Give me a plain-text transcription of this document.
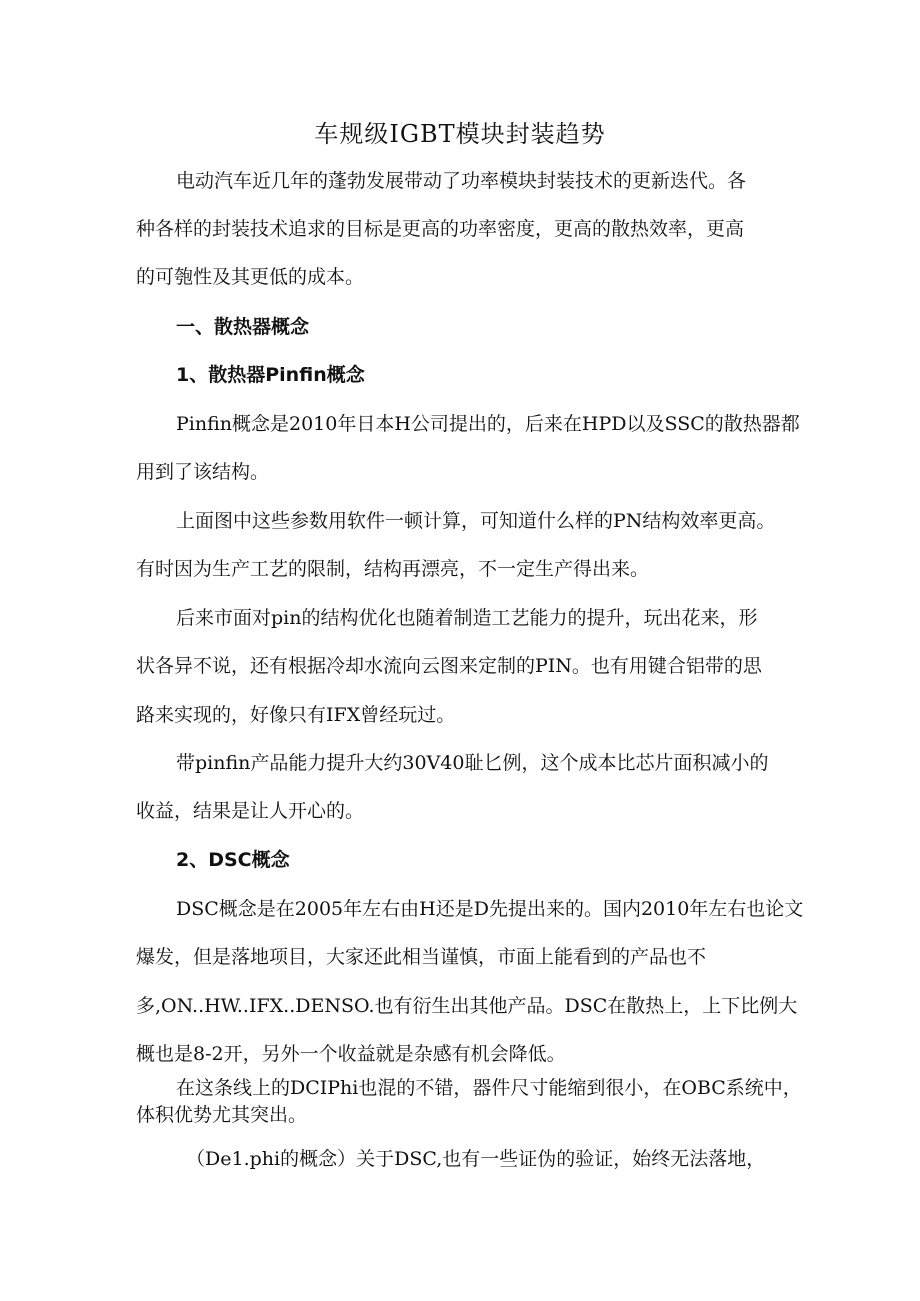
车规级IGBT模块封装趋势
电动汽车近几年的蓬勃发展带动了功率模块封装技术的更新迭代。各
种各样的封装技术追求的目标是更高的功率密度，更高的散热效率，更高
的可匏性及其更低的成本。
一、散热器概念
1、散热器Pinfin概念
Pinfin概念是2010年日本H公司提出的，后来在HPD以及SSC的散热器都
用到了该结构。
上面图中这些参数用软件一顿计算，可知道什么样的PN结构效率更高。
有时因为生产工艺的限制，结构再漂亮，不一定生产得出来。
后来市面对pin的结构优化也随着制造工艺能力的提升，玩出花来，形
状各异不说，还有根据冷却水流向云图来定制的PIN。也有用键合铝带的思
路来实现的，好像只有IFX曾经玩过。
带pinfin产品能力提升大约30V40耻匕例，这个成本比芯片面积减小的
收益，结果是让人开心的。
2、DSC概念
DSC概念是在2005年左右由H还是D先提出来的。国内2010年左右也论文
爆发，但是落地项目，大家还此相当谨慎，市面上能看到的产品也不
多,ON..HW..IFX..DENSO.也有衍生出其他产品。DSC在散热上，上下比例大
概也是8-2开，另外一个收益就是杂感有机会降低。
在这条线上的DCIPhi也混的不错，器件尺寸能缩到很小，在OBC系统中，
体积优势尤其突出。
（De1.phi的概念）关于DSC,也有一些证伪的验证，始终无法落地，
